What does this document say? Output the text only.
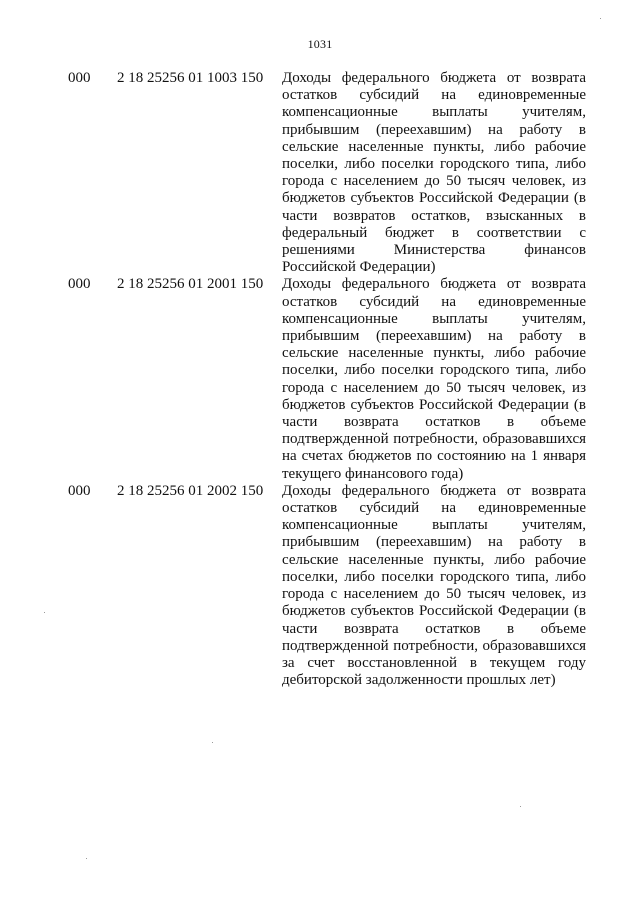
1031
000 2 18 25256 01 1003 150 Доходы федерального бюджета от возврата остатков субсидий на единовременные компенсационные выплаты учителям, прибывшим (переехавшим) на работу в сельские населенные пункты, либо рабочие поселки, либо поселки городского типа, либо города с населением до 50 тысяч человек, из бюджетов субъектов Российской Федерации (в части возвратов остатков, взысканных в федеральный бюджет в соответствии с решениями Министерства финансов Российской Федерации)
000 2 18 25256 01 2001 150 Доходы федерального бюджета от возврата остатков субсидий на единовременные компенсационные выплаты учителям, прибывшим (переехавшим) на работу в сельские населенные пункты, либо рабочие поселки, либо поселки городского типа, либо города с населением до 50 тысяч человек, из бюджетов субъектов Российской Федерации (в части возврата остатков в объеме подтвержденной потребности, образовавшихся на счетах бюджетов по состоянию на 1 января текущего финансового года)
000 2 18 25256 01 2002 150 Доходы федерального бюджета от возврата остатков субсидий на единовременные компенсационные выплаты учителям, прибывшим (переехавшим) на работу в сельские населенные пункты, либо рабочие поселки, либо поселки городского типа, либо города с населением до 50 тысяч человек, из бюджетов субъектов Российской Федерации (в части возврата остатков в объеме подтвержденной потребности, образовавшихся за счет восстановленной в текущем году дебиторской задолженности прошлых лет)
